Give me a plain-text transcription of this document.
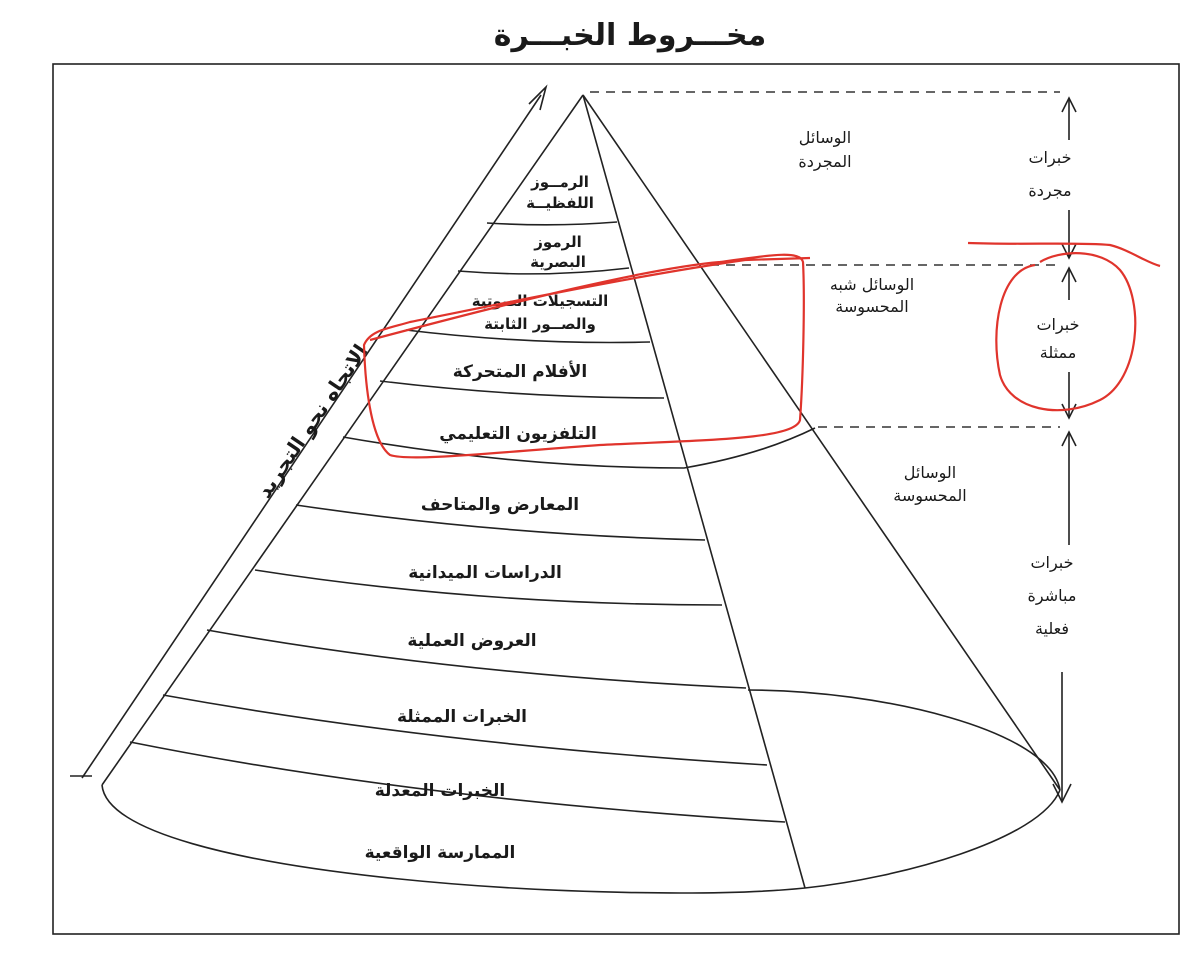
مخـــروط الخبـــرة
الرمــوز
اللفظيــة
الرموز
البصرية
التسجيلات الصوتية
والصــور الثابتة
الأفلام المتحركة
التلفزيون التعليمي
المعارض والمتاحف
الدراسات الميدانية
العروض العملية
الخبرات الممثلة
الخبرات المعدلة
الممارسة الواقعية
الاتجاه نحو التجريد
الوسائل
المجردة
الوسائل شبه
المحسوسة
الوسائل
المحسوسة
خبرات
مجردة
خبرات
ممثلة
خبرات
مباشرة
فعلية
